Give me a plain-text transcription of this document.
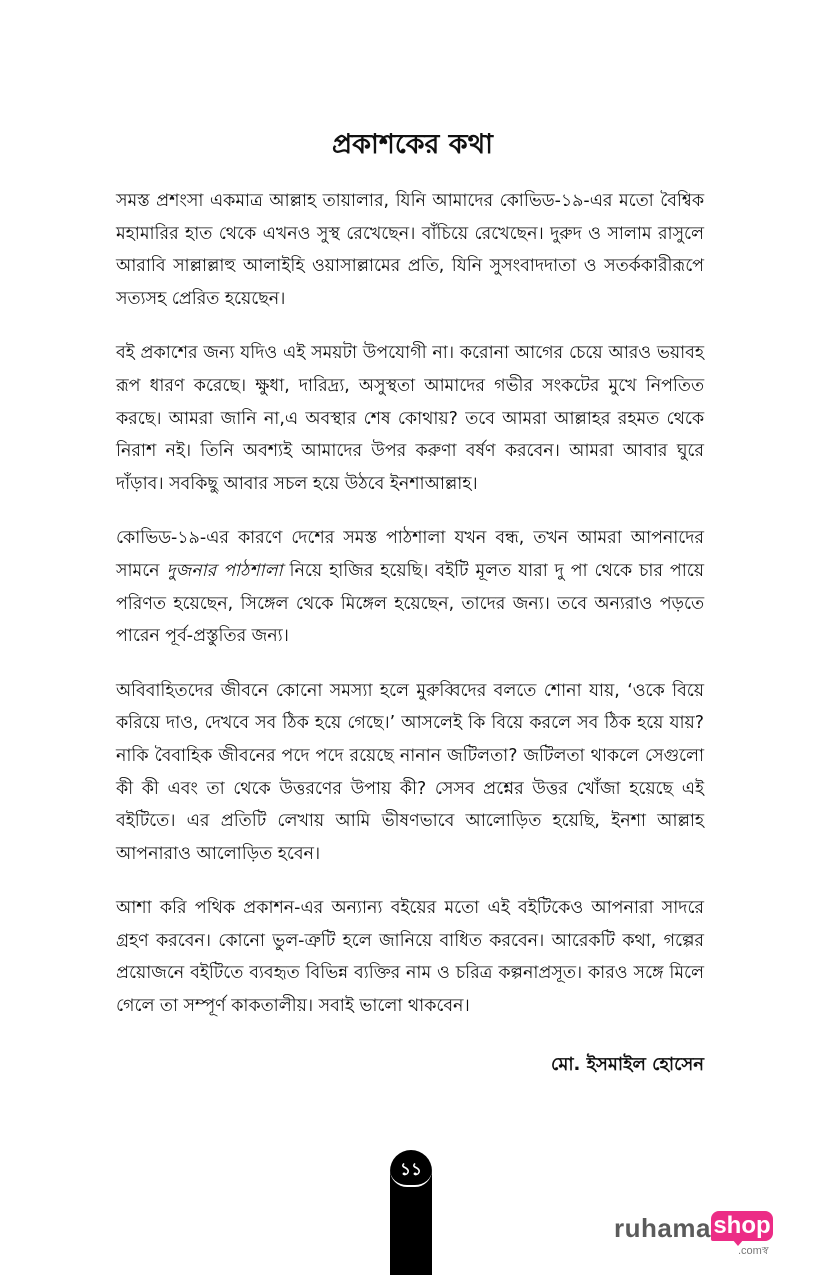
প্রকাশকের কথা

সমস্ত প্রশংসা একমাত্র আল্লাহ তায়ালার, যিনি আমাদের কোভিড-১৯-এর মতো বৈশ্বিক মহামারির হাত থেকে এখনও সুস্থ রেখেছেন। বাঁচিয়ে রেখেছেন। দুরুদ ও সালাম রাসুলে আরাবি সাল্লাল্লাহু আলাইহি ওয়াসাল্লামের প্রতি, যিনি সুসংবাদদাতা ও সতর্ককারীরূপে সত্যসহ প্রেরিত হয়েছেন।

বই প্রকাশের জন্য যদিও এই সময়টা উপযোগী না। করোনা আগের চেয়ে আরও ভয়াবহ রূপ ধারণ করেছে। ক্ষুধা, দারিদ্র্য, অসুস্থতা আমাদের গভীর সংকটের মুখে নিপতিত করছে। আমরা জানি না,এ অবস্থার শেষ কোথায়? তবে আমরা আল্লাহর রহমত থেকে নিরাশ নই। তিনি অবশ্যই আমাদের উপর করুণা বর্ষণ করবেন। আমরা আবার ঘুরে দাঁড়াব। সবকিছু আবার সচল হয়ে উঠবে ইনশাআল্লাহ।

কোভিড-১৯-এর কারণে দেশের সমস্ত পাঠশালা যখন বন্ধ, তখন আমরা আপনাদের সামনে দুজনার পাঠশালা নিয়ে হাজির হয়েছি। বইটি মূলত যারা দু পা থেকে চার পায়ে পরিণত হয়েছেন, সিঙ্গেল থেকে মিঙ্গেল হয়েছেন, তাদের জন্য। তবে অন্যরাও পড়তে পারেন পূর্ব-প্রস্তুতির জন্য।

অবিবাহিতদের জীবনে কোনো সমস্যা হলে মুরুব্বিদের বলতে শোনা যায়, ‘ওকে বিয়ে করিয়ে দাও, দেখবে সব ঠিক হয়ে গেছে।’ আসলেই কি বিয়ে করলে সব ঠিক হয়ে যায়? নাকি বৈবাহিক জীবনের পদে পদে রয়েছে নানান জটিলতা? জটিলতা থাকলে সেগুলো কী কী এবং তা থেকে উত্তরণের উপায় কী? সেসব প্রশ্নের উত্তর খোঁজা হয়েছে এই বইটিতে। এর প্রতিটি লেখায় আমি ভীষণভাবে আলোড়িত হয়েছি, ইনশা আল্লাহ আপনারাও আলোড়িত হবেন।

আশা করি পথিক প্রকাশন-এর অন্যান্য বইয়ের মতো এই বইটিকেও আপনারা সাদরে গ্রহণ করবেন। কোনো ভুল-ত্রুটি হলে জানিয়ে বাধিত করবেন। আরেকটি কথা, গল্পের প্রয়োজনে বইটিতে ব্যবহৃত বিভিন্ন ব্যক্তির নাম ও চরিত্র কল্পনাপ্রসূত। কারও সঙ্গে মিলে গেলে তা সম্পূর্ণ কাকতালীয়। সবাই ভালো থাকবেন।

মো. ইসমাইল হোসেন
১১
ruhama shop
.comস্ব
